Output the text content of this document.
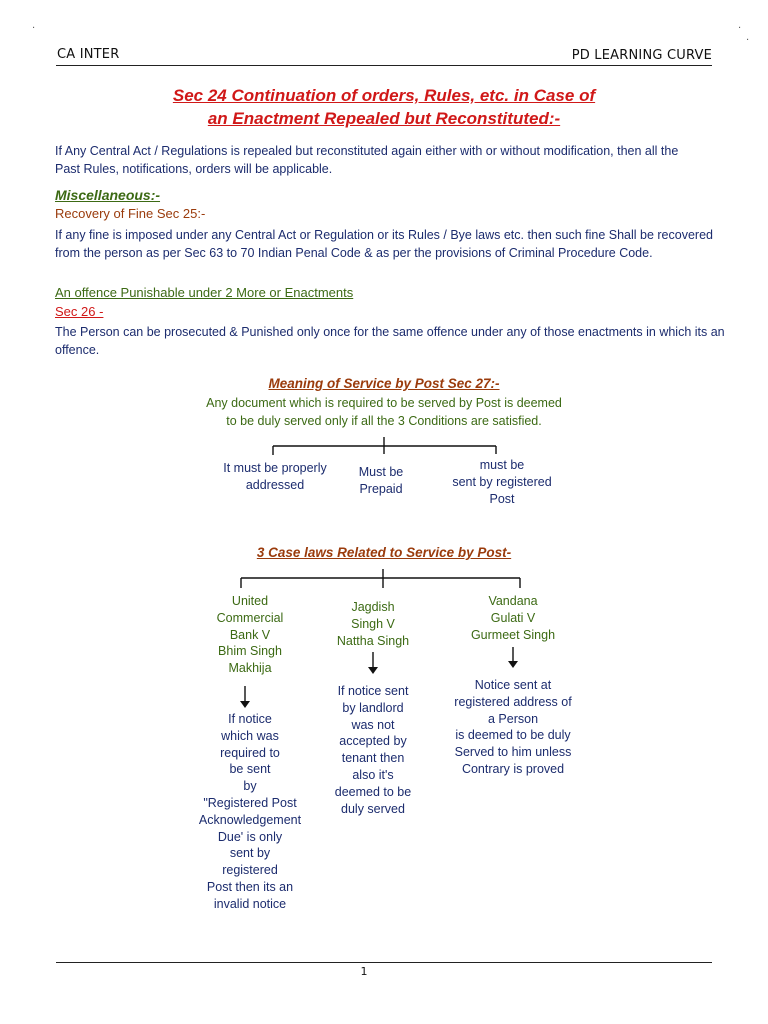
.	.
.
CA INTER	PD LEARNING CURVE
Sec 24 Continuation of orders, Rules, etc. in Case of
an Enactment Repealed but Reconstituted:-
If Any Central Act / Regulations is repealed but reconstituted again either with or without modification, then all the
Past Rules, notifications, orders will be applicable.
Miscellaneous:-
Recovery of Fine Sec 25:-
If any fine is imposed under any Central Act or Regulation or its Rules / Bye laws etc. then such fine Shall be recovered
from the person as per Sec 63 to 70 Indian Penal Code & as per the provisions of Criminal Procedure Code.
An offence Punishable under 2 More or Enactments
Sec 26 -
The Person can be prosecuted & Punished only once for the same offence under any of those enactments in which its an
offence.
Meaning of Service by Post Sec 27:-
Any document which is required to be served by Post is deemed
to be duly served only if all the 3 Conditions are satisfied.
It must be properly
addressed
Must be
Prepaid
must be
sent by registered
Post
3 Case laws Related to Service by Post-
United
Commercial
Bank V
Bhim Singh
Makhija
Jagdish
Singh V
Nattha Singh
Vandana
Gulati V
Gurmeet Singh
If notice
which was
required to
be sent
by
"Registered Post
Acknowledgement
Due' is only
sent by
registered
Post then its an
invalid notice
If notice sent
by landlord
was not
accepted by
tenant then
also it's
deemed to be
duly served
Notice sent at
registered address of
a Person
is deemed to be duly
Served to him unless
Contrary is proved
1
